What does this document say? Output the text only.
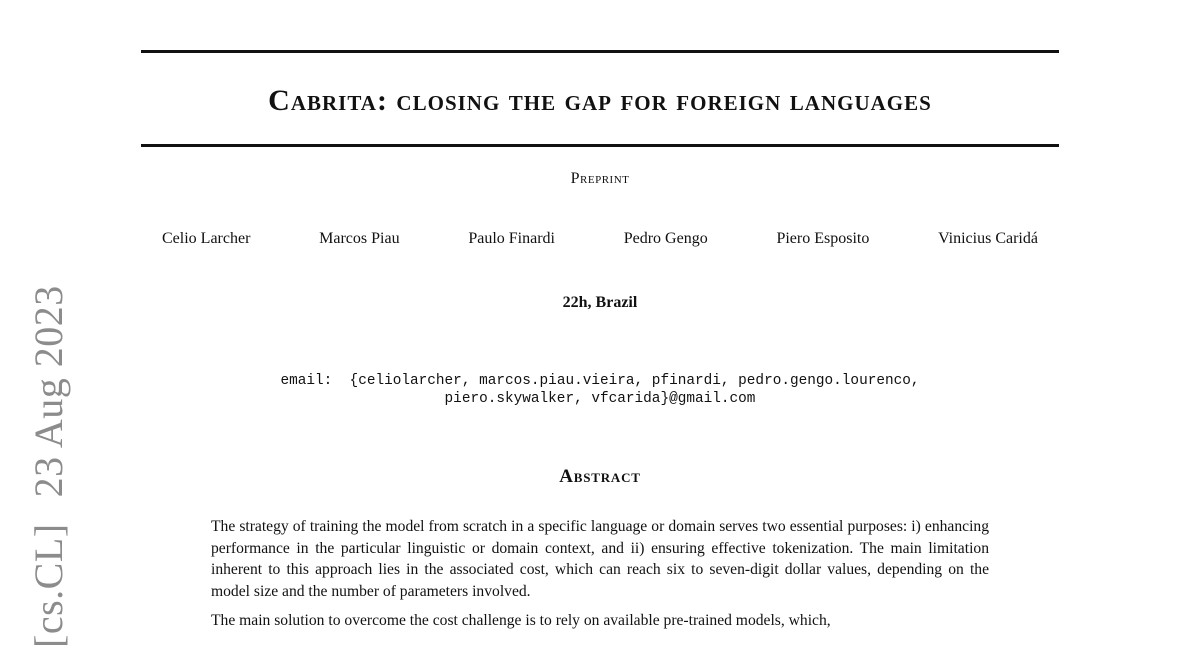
Cabrita: closing the gap for foreign languages
Preprint
Celio Larcher	Marcos Piau	Paulo Finardi	Pedro Gengo	Piero Esposito	Vinicius Caridá
22h, Brazil
email:  {celiolarcher, marcos.piau.vieira, pfinardi, pedro.gengo.lourenco,
piero.skywalker, vfcarida}@gmail.com
Abstract

The strategy of training the model from scratch in a specific language or domain serves two essential purposes: i) enhancing performance in the particular linguistic or domain context, and ii) ensuring effective tokenization. The main limitation inherent to this approach lies in the associated cost, which can reach six to seven-digit dollar values, depending on the model size and the number of parameters involved.

The main solution to overcome the cost challenge is to rely on available pre-trained models, which,

[cs.CL]23 Aug 2023
